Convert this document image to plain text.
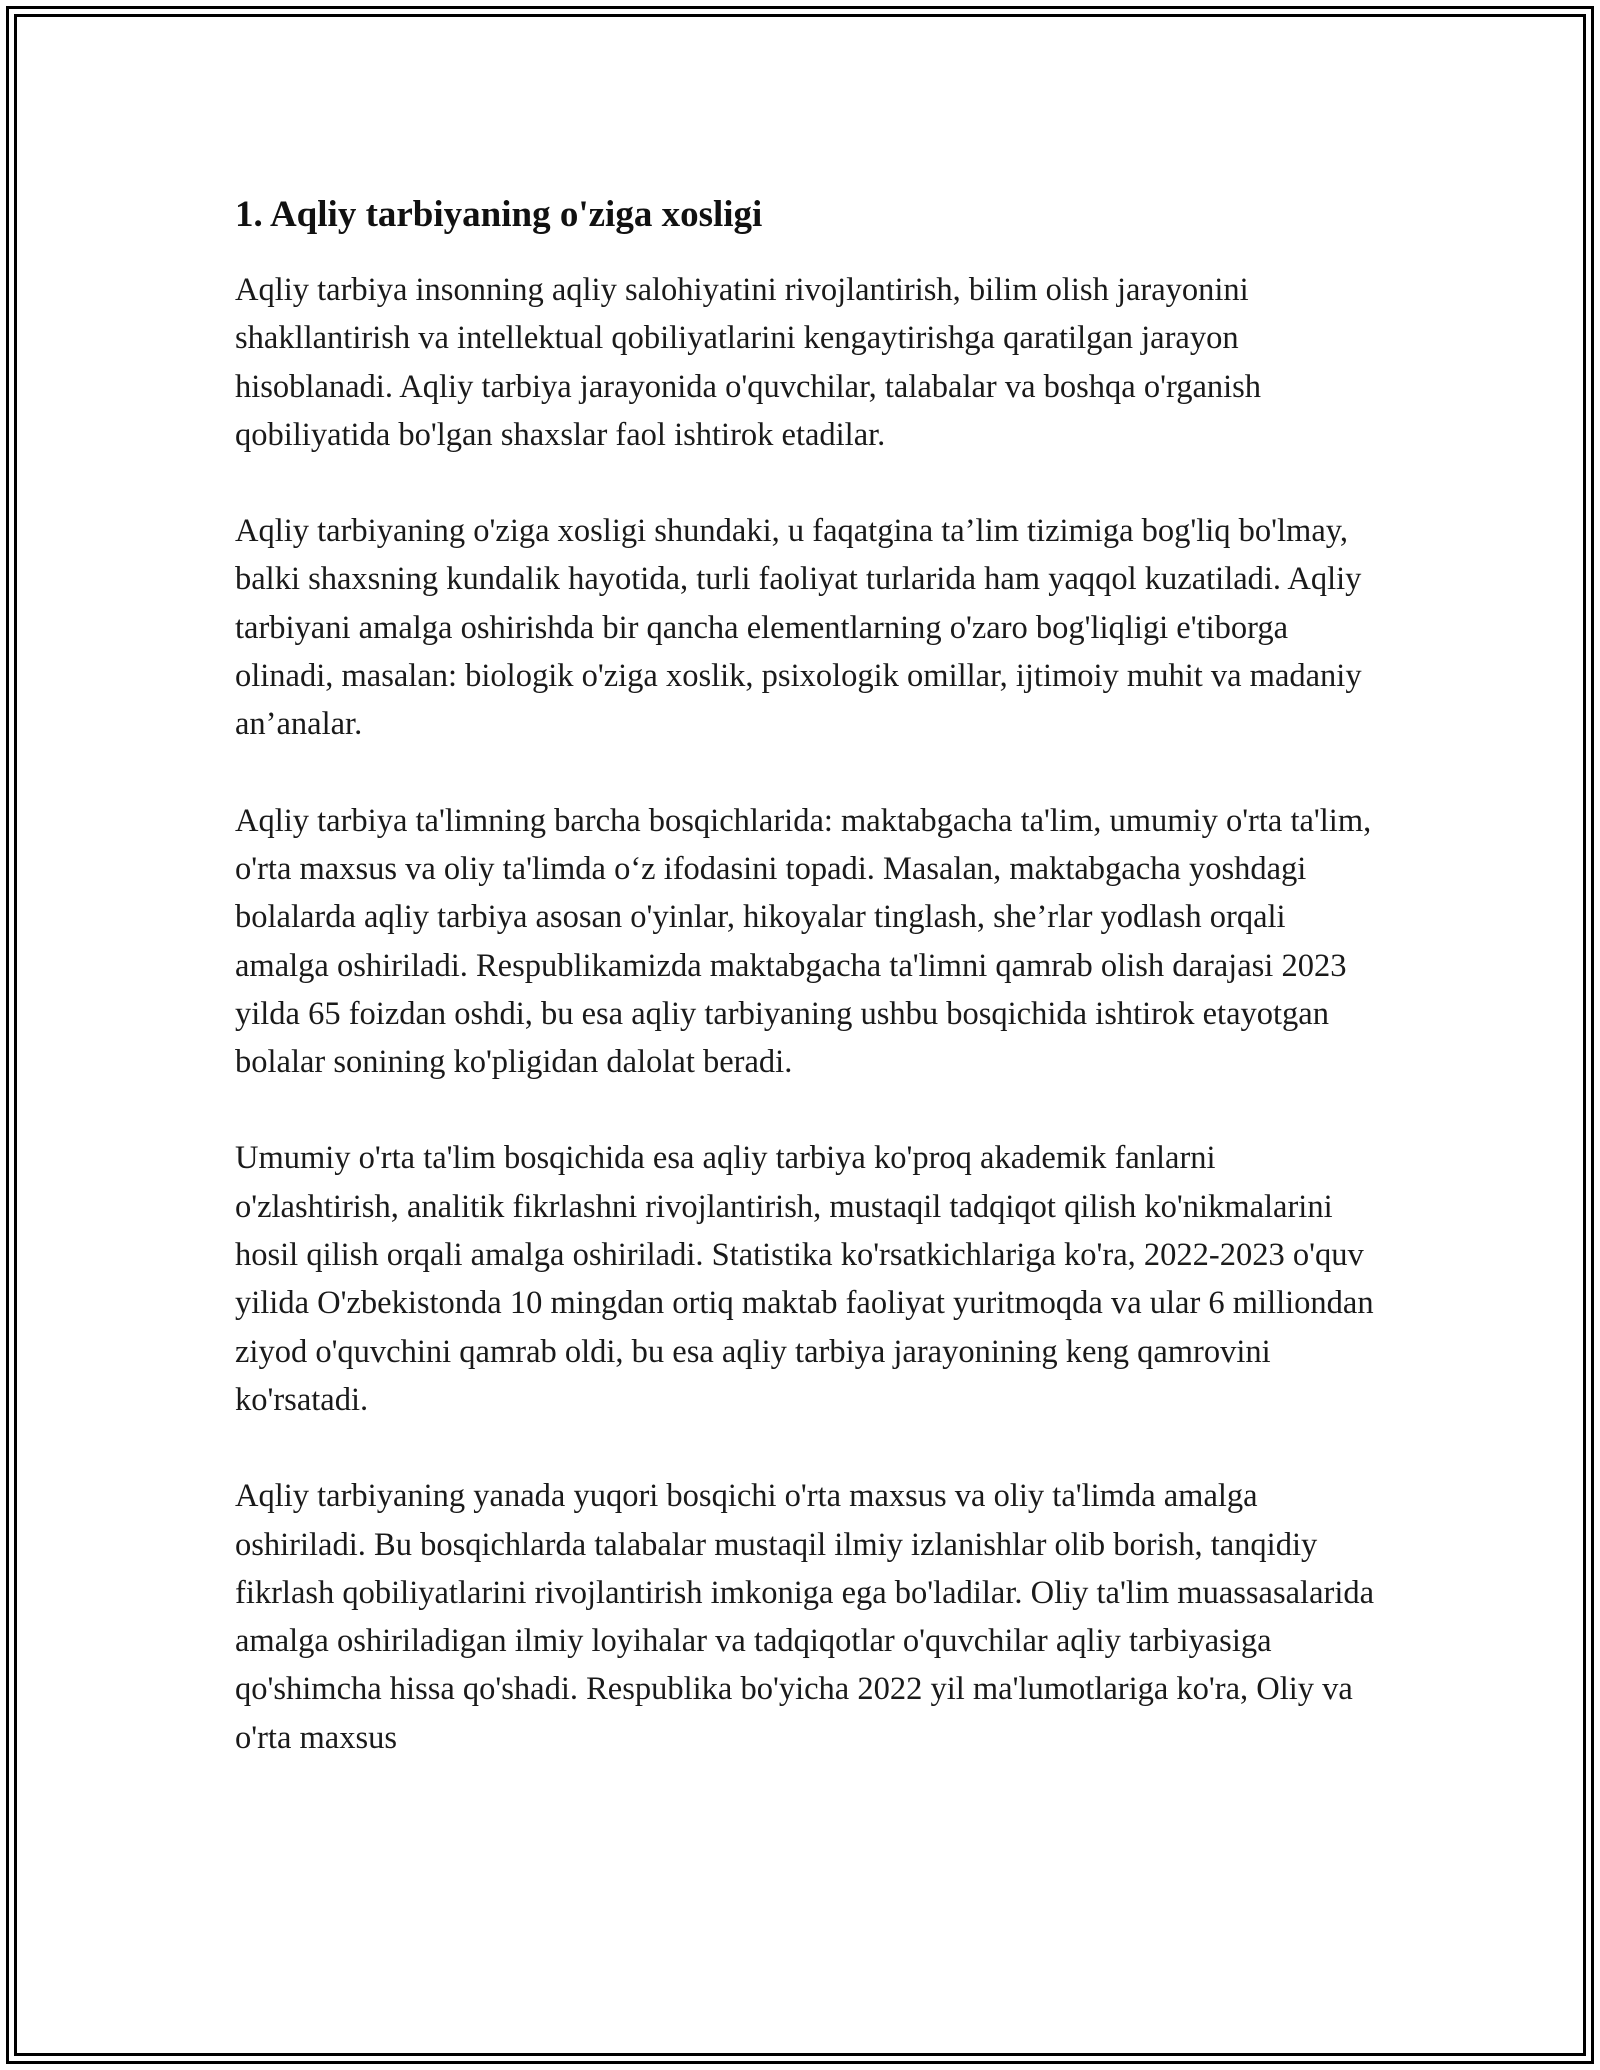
1. Aqliy tarbiyaning o'ziga xosligi

Aqliy tarbiya insonning aqliy salohiyatini rivojlantirish, bilim olish jarayonini shakllantirish va intellektual qobiliyatlarini kengaytirishga qaratilgan jarayon hisoblanadi. Aqliy tarbiya jarayonida o'quvchilar, talabalar va boshqa o'rganish qobiliyatida bo'lgan shaxslar faol ishtirok etadilar.

Aqliy tarbiyaning o'ziga xosligi shundaki, u faqatgina ta’lim tizimiga bog'liq bo'lmay, balki shaxsning kundalik hayotida, turli faoliyat turlarida ham yaqqol kuzatiladi. Aqliy tarbiyani amalga oshirishda bir qancha elementlarning o'zaro bog'liqligi e'tiborga olinadi, masalan: biologik o'ziga xoslik, psixologik omillar, ijtimoiy muhit va madaniy an’analar.

Aqliy tarbiya ta'limning barcha bosqichlarida: maktabgacha ta'lim, umumiy o'rta ta'lim, o'rta maxsus va oliy ta'limda o‘z ifodasini topadi. Masalan, maktabgacha yoshdagi bolalarda aqliy tarbiya asosan o'yinlar, hikoyalar tinglash, she’rlar yodlash orqali amalga oshiriladi. Respublikamizda maktabgacha ta'limni qamrab olish darajasi 2023 yilda 65 foizdan oshdi, bu esa aqliy tarbiyaning ushbu bosqichida ishtirok etayotgan bolalar sonining ko'pligidan dalolat beradi.

Umumiy o'rta ta'lim bosqichida esa aqliy tarbiya ko'proq akademik fanlarni o'zlashtirish, analitik fikrlashni rivojlantirish, mustaqil tadqiqot qilish ko'nikmalarini hosil qilish orqali amalga oshiriladi. Statistika ko'rsatkichlariga ko'ra, 2022-2023 o'quv yilida O'zbekistonda 10 mingdan ortiq maktab faoliyat yuritmoqda va ular 6 milliondan ziyod o'quvchini qamrab oldi, bu esa aqliy tarbiya jarayonining keng qamrovini ko'rsatadi.

Aqliy tarbiyaning yanada yuqori bosqichi o'rta maxsus va oliy ta'limda amalga oshiriladi. Bu bosqichlarda talabalar mustaqil ilmiy izlanishlar olib borish, tanqidiy fikrlash qobiliyatlarini rivojlantirish imkoniga ega bo'ladilar. Oliy ta'lim muassasalarida amalga oshiriladigan ilmiy loyihalar va tadqiqotlar o'quvchilar aqliy tarbiyasiga qo'shimcha hissa qo'shadi. Respublika bo'yicha 2022 yil ma'lumotlariga ko'ra, Oliy va o'rta maxsus
